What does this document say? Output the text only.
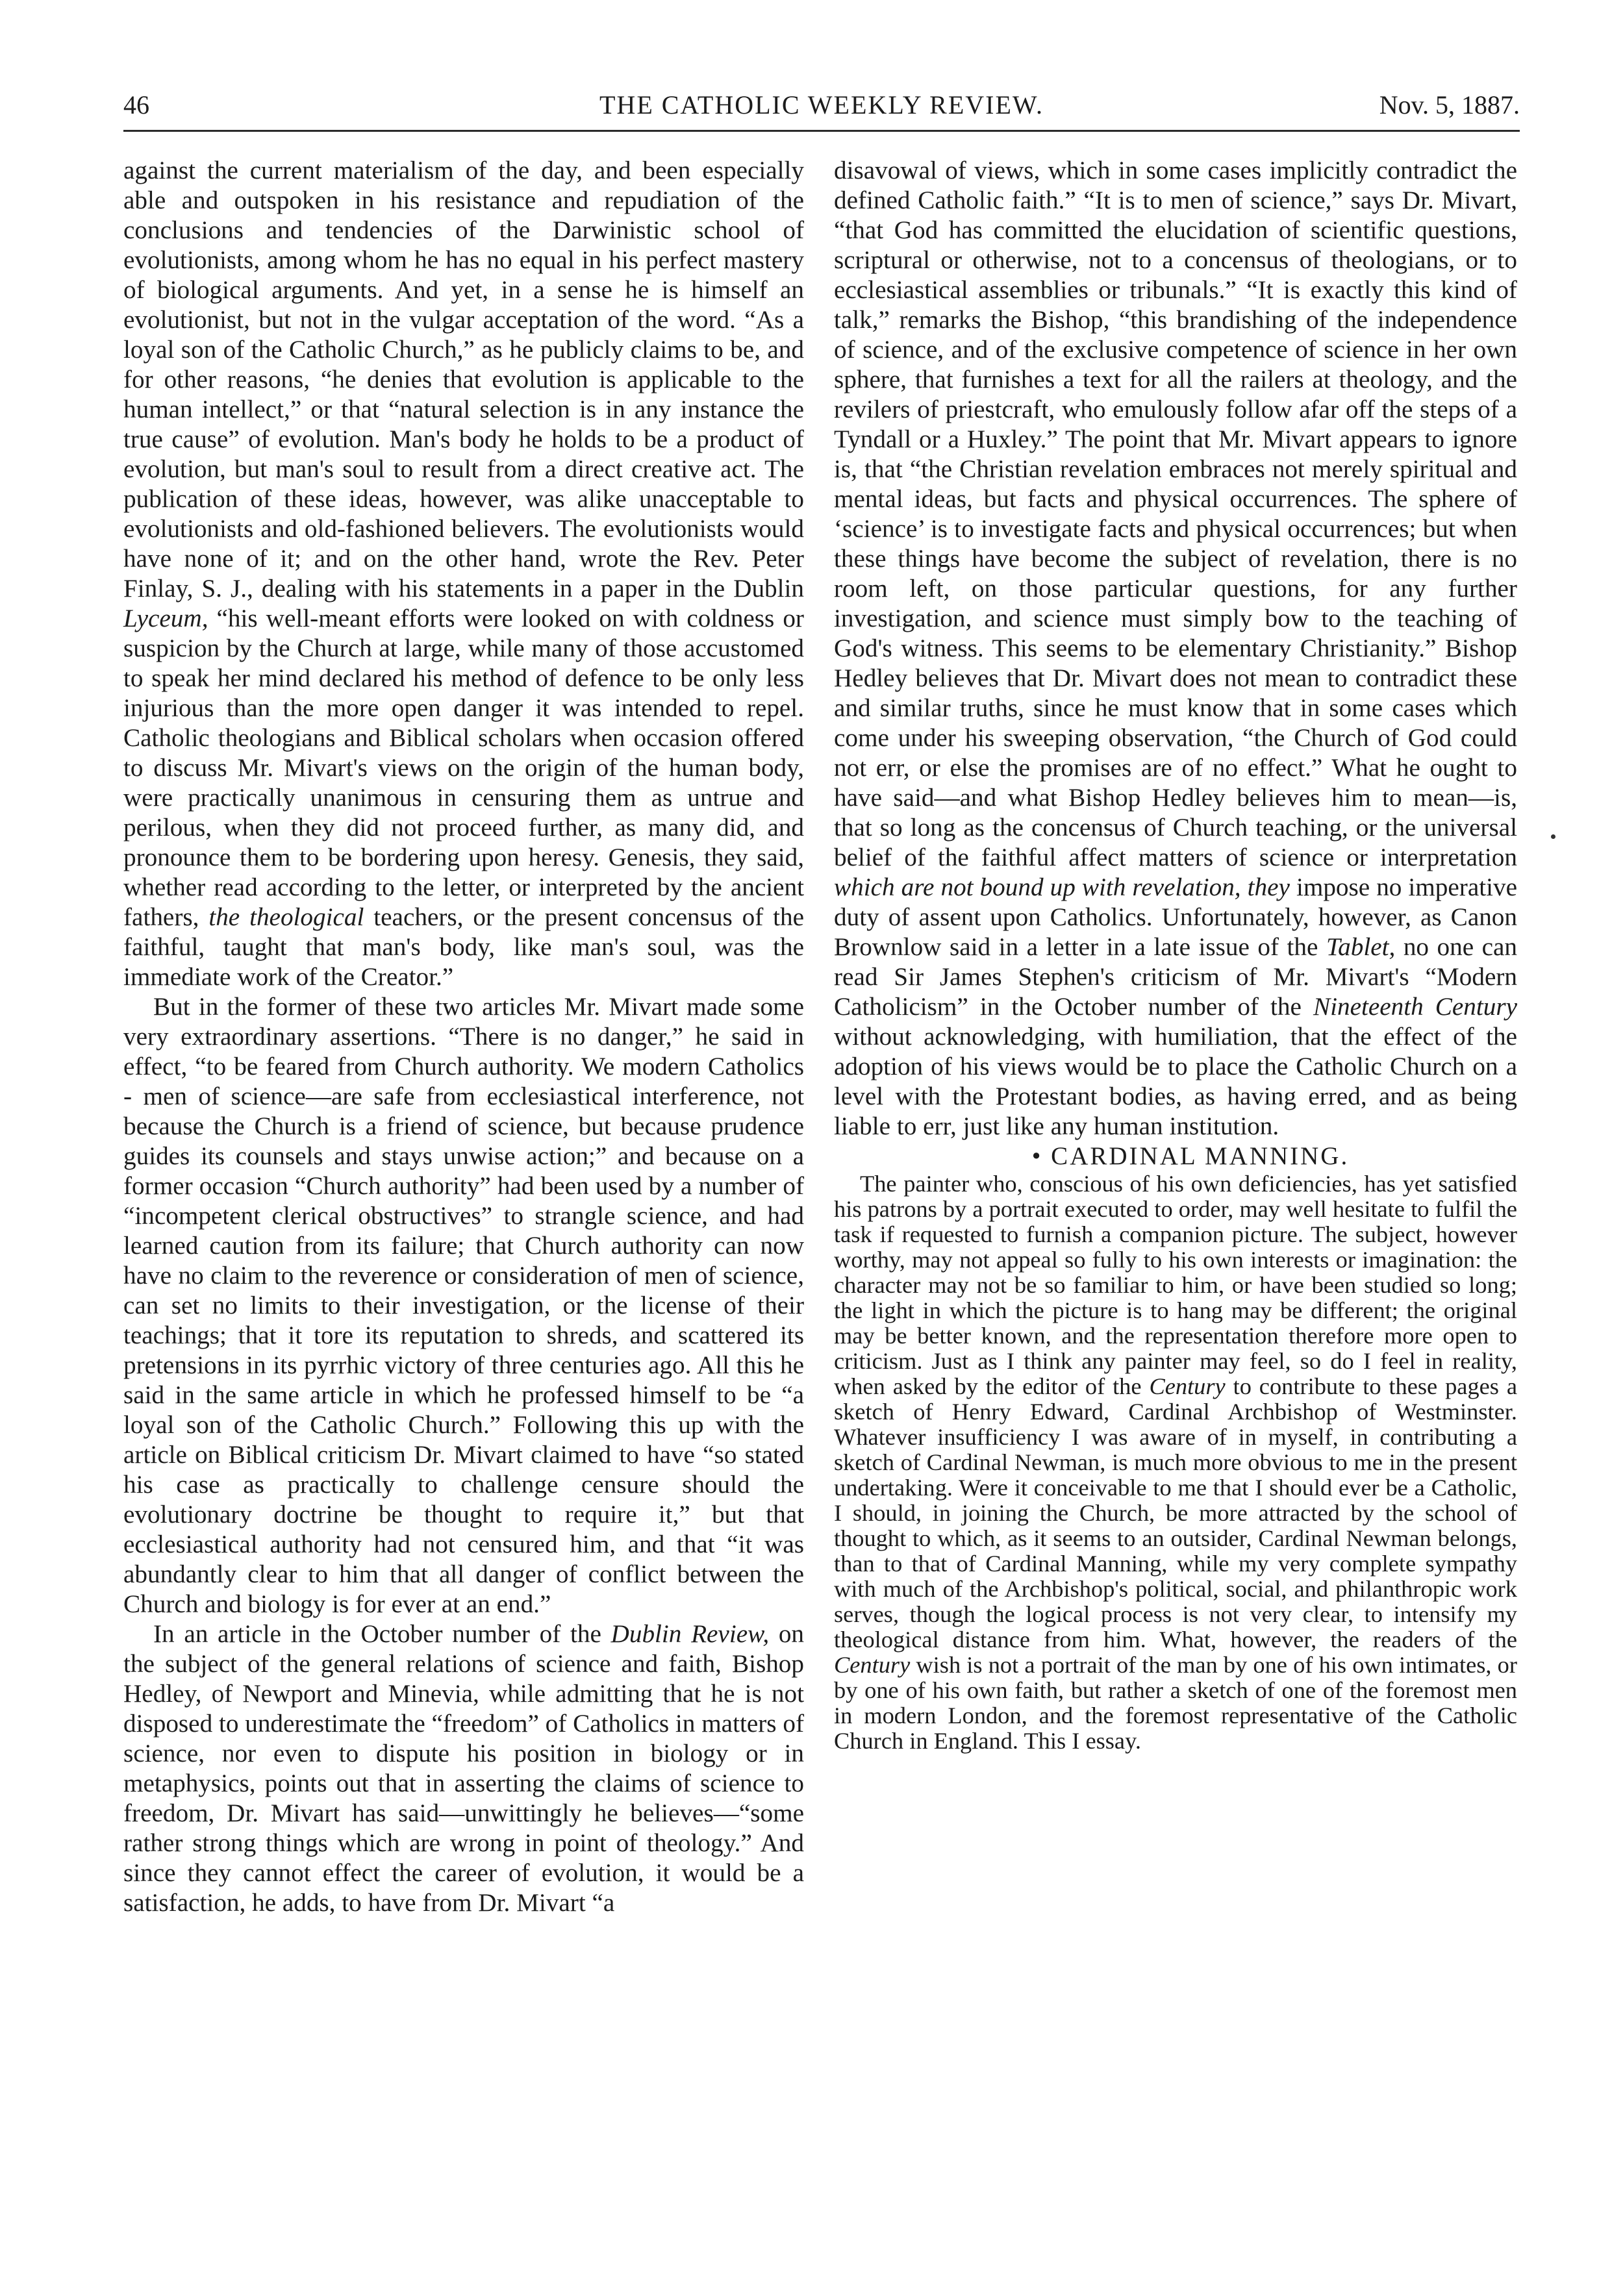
46	THE CATHOLIC WEEKLY REVIEW.	Nov. 5, 1887.

against the current materialism of the day, and been especially able and outspoken in his resistance and repudiation of the conclusions and tendencies of the Darwinistic school of evolutionists, among whom he has no equal in his perfect mastery of biological arguments. And yet, in a sense he is himself an evolutionist, but not in the vulgar acceptation of the word. “As a loyal son of the Catholic Church,” as he publicly claims to be, and for other reasons, “he denies that evolution is applicable to the human intellect,” or that “natural selection is in any instance the true cause” of evolution. Man's body he holds to be a product of evolution, but man's soul to result from a direct creative act. The publication of these ideas, however, was alike unacceptable to evolutionists and old-fashioned believers. The evolutionists would have none of it; and on the other hand, wrote the Rev. Peter Finlay, S. J., dealing with his statements in a paper in the Dublin Lyceum, “his well-meant efforts were looked on with coldness or suspicion by the Church at large, while many of those accustomed to speak her mind declared his method of defence to be only less injurious than the more open danger it was intended to repel. Catholic theologians and Biblical scholars when occasion offered to discuss Mr. Mivart's views on the origin of the human body, were practically unanimous in censuring them as untrue and perilous, when they did not proceed further, as many did, and pronounce them to be bordering upon heresy. Genesis, they said, whether read according to the letter, or interpreted by the ancient fathers, the theological teachers, or the present concensus of the faithful, taught that man's body, like man's soul, was the immediate work of the Creator.”

But in the former of these two articles Mr. Mivart made some very extraordinary assertions. “There is no danger,” he said in effect, “to be feared from Church authority. We modern Catholics - men of science—are safe from ecclesiastical interference, not because the Church is a friend of science, but because prudence guides its counsels and stays unwise action;” and because on a former occasion “Church authority” had been used by a number of “incompetent clerical obstructives” to strangle science, and had learned caution from its failure; that Church authority can now have no claim to the reverence or consideration of men of science, can set no limits to their investigation, or the license of their teachings; that it tore its reputation to shreds, and scattered its pretensions in its pyrrhic victory of three centuries ago. All this he said in the same article in which he professed himself to be “a loyal son of the Catholic Church.” Following this up with the article on Biblical criticism Dr. Mivart claimed to have “so stated his case as practically to challenge censure should the evolutionary doctrine be thought to require it,” but that ecclesiastical authority had not censured him, and that “it was abundantly clear to him that all danger of conflict between the Church and biology is for ever at an end.”

In an article in the October number of the Dublin Review, on the subject of the general relations of science and faith, Bishop Hedley, of Newport and Minevia, while admitting that he is not disposed to underestimate the “freedom” of Catholics in matters of science, nor even to dispute his position in biology or in metaphysics, points out that in asserting the claims of science to freedom, Dr. Mivart has said—unwittingly he believes—“some rather strong things which are wrong in point of theology.” And since they cannot effect the career of evolution, it would be a satisfaction, he adds, to have from Dr. Mivart “a

disavowal of views, which in some cases implicitly contradict the defined Catholic faith.” “It is to men of science,” says Dr. Mivart, “that God has committed the elucidation of scientific questions, scriptural or otherwise, not to a concensus of theologians, or to ecclesiastical assemblies or tribunals.” “It is exactly this kind of talk,” remarks the Bishop, “this brandishing of the independence of science, and of the exclusive competence of science in her own sphere, that furnishes a text for all the railers at theology, and the revilers of priestcraft, who emulously follow afar off the steps of a Tyndall or a Huxley.” The point that Mr. Mivart appears to ignore is, that “the Christian revelation embraces not merely spiritual and mental ideas, but facts and physical occurrences. The sphere of ‘science’ is to investigate facts and physical occurrences; but when these things have become the subject of revelation, there is no room left, on those particular questions, for any further investigation, and science must simply bow to the teaching of God's witness. This seems to be elementary Christianity.” Bishop Hedley believes that Dr. Mivart does not mean to contradict these and similar truths, since he must know that in some cases which come under his sweeping observation, “the Church of God could not err, or else the promises are of no effect.” What he ought to have said—and what Bishop Hedley believes him to mean—is, that so long as the concensus of Church teaching, or the universal belief of the faithful affect matters of science or interpretation which are not bound up with revelation, they impose no imperative duty of assent upon Catholics. Unfortunately, however, as Canon Brownlow said in a letter in a late issue of the Tablet, no one can read Sir James Stephen's criticism of Mr. Mivart's “Modern Catholicism” in the October number of the Nineteenth Century without acknowledging, with humiliation, that the effect of the adoption of his views would be to place the Catholic Church on a level with the Protestant bodies, as having erred, and as being liable to err, just like any human institution.

• CARDINAL MANNING.

The painter who, conscious of his own deficiencies, has yet satisfied his patrons by a portrait executed to order, may well hesitate to fulfil the task if requested to furnish a companion picture. The subject, however worthy, may not appeal so fully to his own interests or imagination: the character may not be so familiar to him, or have been studied so long; the light in which the picture is to hang may be different; the original may be better known, and the representation therefore more open to criticism. Just as I think any painter may feel, so do I feel in reality, when asked by the editor of the Century to contribute to these pages a sketch of Henry Edward, Cardinal Archbishop of Westminster. Whatever insufficiency I was aware of in myself, in contributing a sketch of Cardinal Newman, is much more obvious to me in the present undertaking. Were it conceivable to me that I should ever be a Catholic, I should, in joining the Church, be more attracted by the school of thought to which, as it seems to an outsider, Cardinal Newman belongs, than to that of Cardinal Manning, while my very complete sympathy with much of the Archbishop's political, social, and philanthropic work serves, though the logical process is not very clear, to intensify my theological distance from him. What, however, the readers of the Century wish is not a portrait of the man by one of his own intimates, or by one of his own faith, but rather a sketch of one of the foremost men in modern London, and the foremost representative of the Catholic Church in England. This I essay.
